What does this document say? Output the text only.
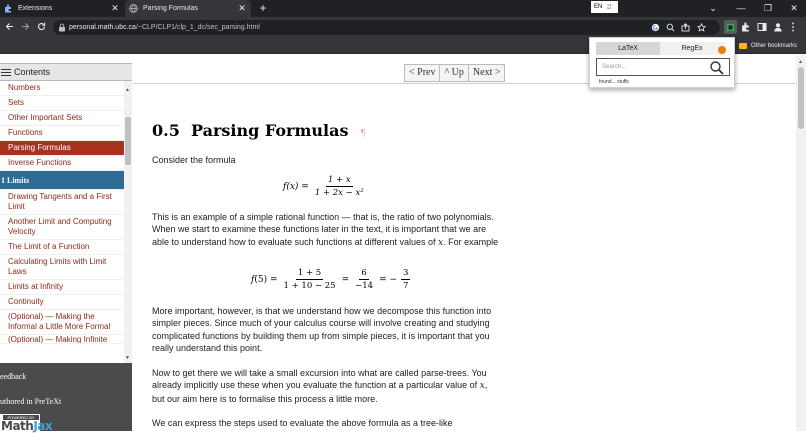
Extensions	✕	Parsing Formulas	✕ +	EN CA
EJ	⌄	—	❐	✕
personal.math.ubc.ca/~CLP/CLP1/clp_1_dc/sec_parsing.html
Other bookmarks
Contents
Numbers
Sets
Other Important Sets
Functions
Parsing Formulas
Inverse Functions
1 Limits
Drawing Tangents and a First Limit
Another Limit and Computing Velocity
The Limit of a Function
Calculating Limits with Limit Laws
Limits at Infinity
Continuity
(Optional) — Making the Informal a Little More Formal
(Optional) — Making Infinite
▲
▼
eedback
uthored in PreTeXt
POWERED BY
MathJax
< Prev ^ Up Next >
0.5 Parsing Formulas ¶
Consider the formula
$f(x) = \frac{1 + x}{\text{1 + 2x − x²}}$
This is an example of a simple rational function — that is, the ratio of two polynomials. When we start to examine these functions later in the text, it is important that we are able to understand how to evaluate such functions at different values of x. For example
$f(5) = \frac{1 + 5}{1 + 10 - 25} = \frac{6}{-14}$ = − $\frac{3}{7}$
More important, however, is that we understand how we decompose this function into simpler pieces. Since much of your calculus course will involve creating and studying complicated functions by building them up from simple pieces, it is important that you really understand this point.
Now to get there we will take a small excursion into what are called parse-trees. You already implicitly use these when you evaluate the function at a particular value of x, but our aim here is to formalise this process a little more.
We can express the steps used to evaluate the above formula as a tree-like
▲
LaTeX	RegEx
Search...
found... stuffs
